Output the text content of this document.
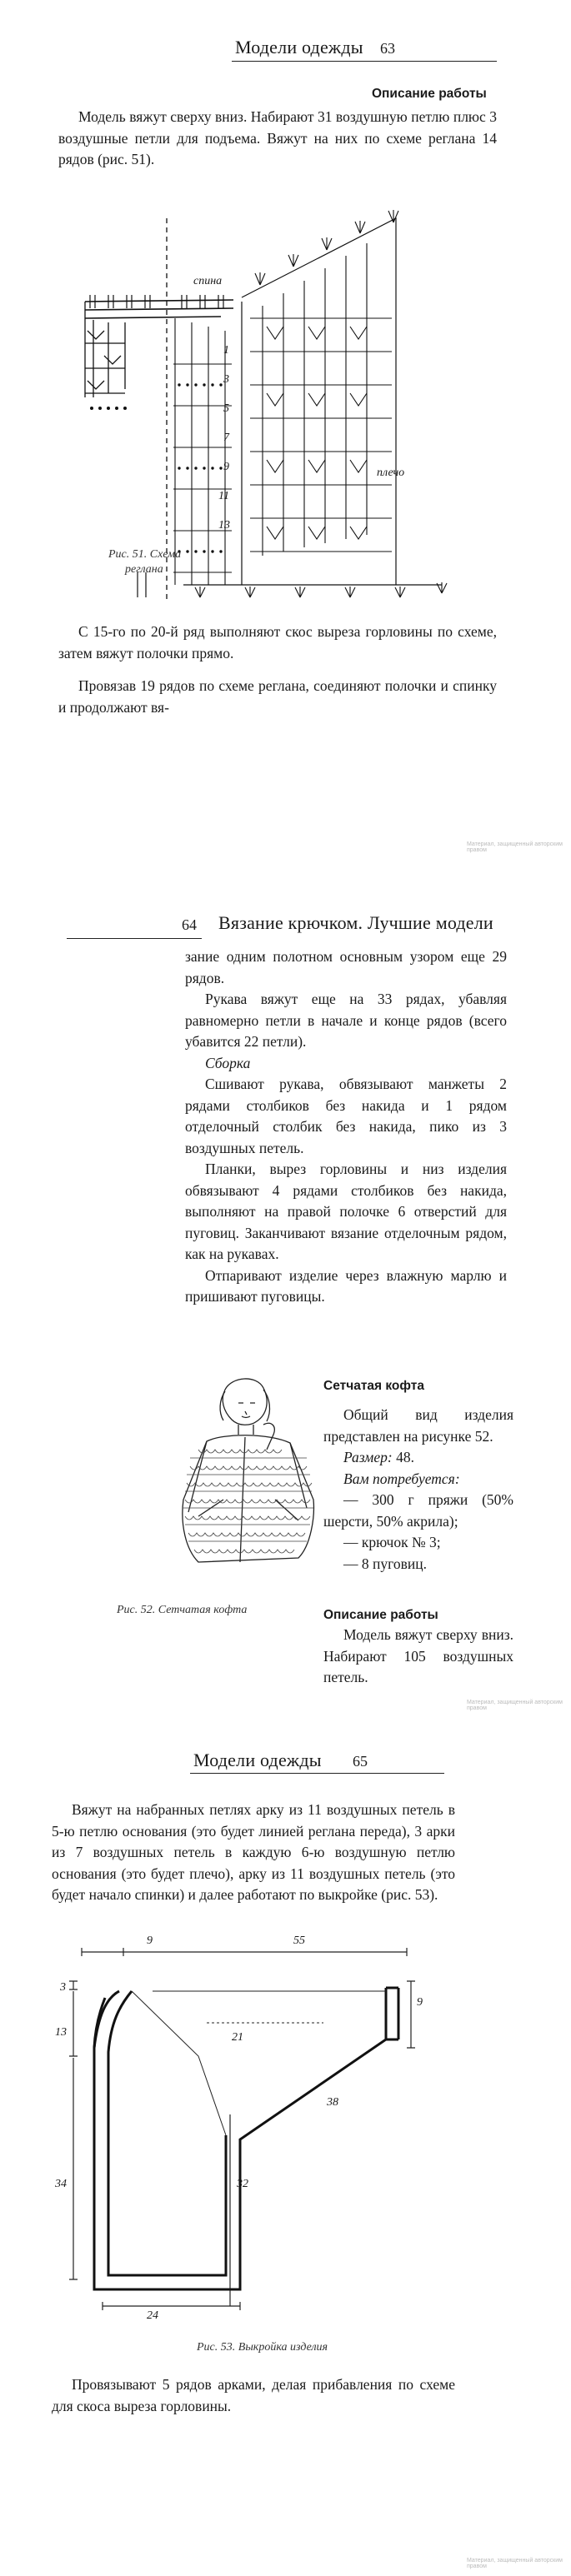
Модели одежды 63
Описание работы

Модель вяжут сверху вниз. Набирают 31 воздушную петлю плюс 3 воздушные петли для подъема. Вяжут на них по схеме реглана 14 рядов (рис. 51).

спина
плечо
1
3
5
7
9
11
13
Рис. 51. Схема
реглана

С 15-го по 20-й ряд выполняют скос выреза горловины по схеме, затем вяжут полочки прямо.

Провязав 19 рядов по схеме реглана, соединяют полочки и спинку и продолжают вя-

Материал, защищенный авторским правом
64 Вязание крючком. Лучшие модели

зание одним полотном основным узором еще 29 рядов.

Рукава вяжут еще на 33 рядах, убавляя равномерно петли в начале и конце рядов (всего убавится 22 петли).

Сборка

Сшивают рукава, обвязывают манжеты 2 рядами столбиков без накида и 1 рядом отделочный столбик без накида, пико из 3 воздушных петель.

Планки, вырез горловины и низ изделия обвязывают 4 рядами столбиков без накида, выполняют на правой полочке 6 отверстий для пуговиц. Заканчивают вязание отделочным рядом, как на рукавах.

Отпаривают изделие через влажную марлю и пришивают пуговицы.

Рис. 52. Сетчатая кофта
Сетчатая кофта

Общий вид изделия представлен на рисунке 52.

Размер: 48.

Вам потребуется:

— 300 г пряжи (50% шерсти, 50% акрила);

— крючок № 3;

— 8 пуговиц.

Описание работы

Модель вяжут сверху вниз. Набирают 105 воздушных петель.

Материал, защищенный авторским правом
Модели одежды 65

Вяжут на набранных петлях арку из 11 воздушных петель в 5-ю петлю основания (это будет линией реглана переда), 3 арки из 7 воздушных петель в каждую 6-ю воздушную петлю основания (это будет плечо), арку из 11 воздушных петель (это будет начало спинки) и далее работают по выкройке (рис. 53).

9	55
3
13	21
38
9
34	32
24
Рис. 53. Выкройка изделия

Провязывают 5 рядов арками, делая прибавления по схеме для скоса выреза горловины.

Материал, защищенный авторским правом
